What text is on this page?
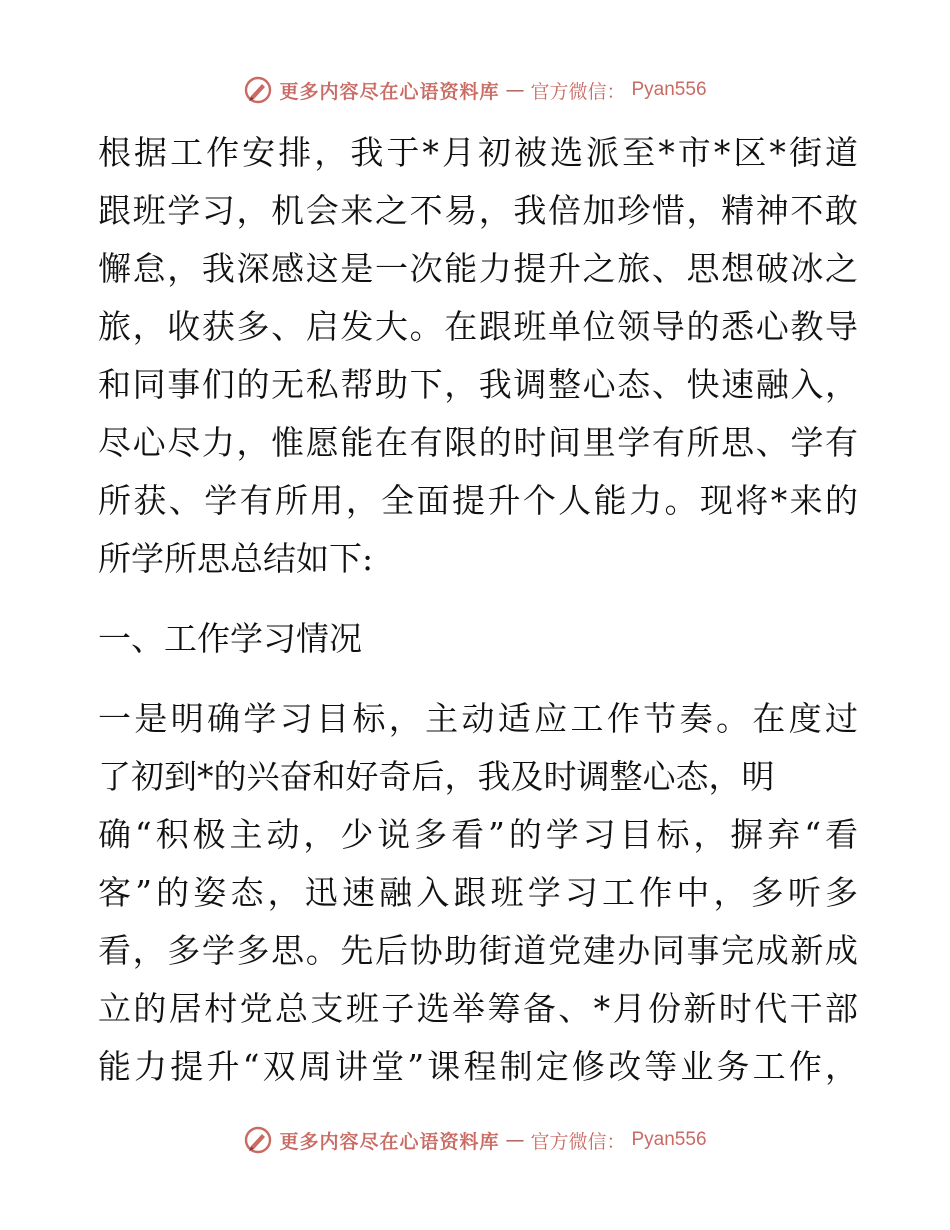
更多内容尽在心语资料库 — 官方微信： Pyan556
根据工作安排，我于*月初被选派至*市*区*街道
跟班学习，机会来之不易，我倍加珍惜，精神不敢
懈怠，我深感这是一次能力提升之旅、思想破冰之
旅，收获多、启发大。在跟班单位领导的悉心教导
和同事们的无私帮助下，我调整心态、快速融入，
尽心尽力，惟愿能在有限的时间里学有所思、学有
所获、学有所用，全面提升个人能力。现将*来的
所学所思总结如下:
一、工作学习情况
一是明确学习目标，主动适应工作节奏。在度过
了初到*的兴奋和好奇后，我及时调整心态，明
确“积极主动，少说多看”的学习目标，摒弃“看
客”的姿态，迅速融入跟班学习工作中，多听多
看，多学多思。先后协助街道党建办同事完成新成
立的居村党总支班子选举筹备、*月份新时代干部
能力提升“双周讲堂”课程制定修改等业务工作，
更多内容尽在心语资料库 — 官方微信： Pyan556
